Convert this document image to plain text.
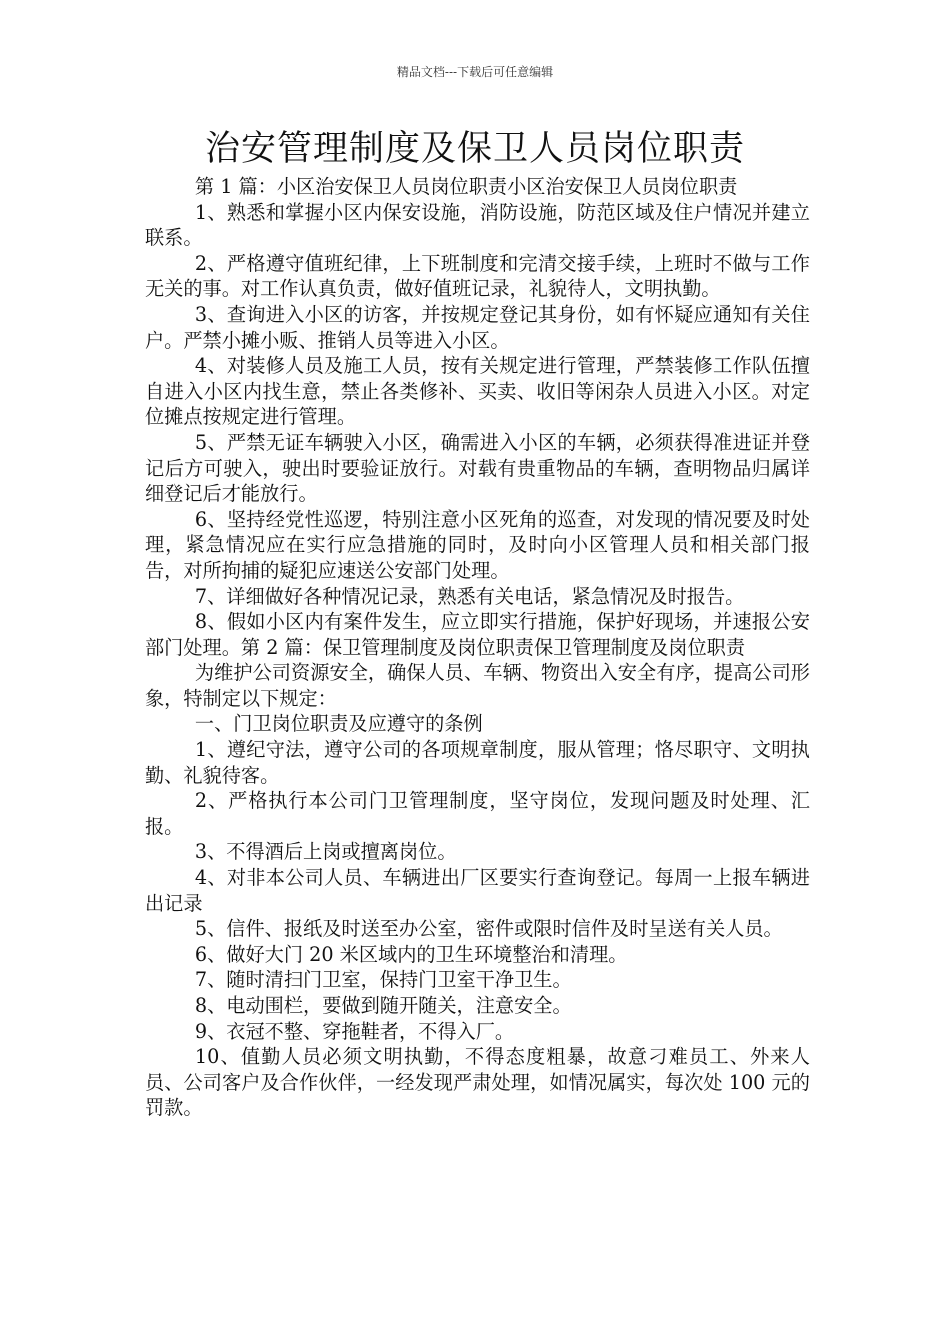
精品文档---下载后可任意编辑
治安管理制度及保卫人员岗位职责

第 1 篇：小区治安保卫人员岗位职责小区治安保卫人员岗位职责

1、熟悉和掌握小区内保安设施，消防设施，防范区域及住户情况并建立联系。

2、严格遵守值班纪律，上下班制度和完清交接手续，上班时不做与工作无关的事。对工作认真负责，做好值班记录，礼貌待人，文明执勤。

3、查询进入小区的访客，并按规定登记其身份，如有怀疑应通知有关住户。严禁小摊小贩、推销人员等进入小区。

4、对装修人员及施工人员，按有关规定进行管理，严禁装修工作队伍擅自进入小区内找生意，禁止各类修补、买卖、收旧等闲杂人员进入小区。对定位摊点按规定进行管理。

5、严禁无证车辆驶入小区，确需进入小区的车辆，必须获得准进证并登记后方可驶入，驶出时要验证放行。对载有贵重物品的车辆，查明物品归属详细登记后才能放行。

6、坚持经党性巡逻，特别注意小区死角的巡查，对发现的情况要及时处理，紧急情况应在实行应急措施的同时，及时向小区管理人员和相关部门报告，对所拘捕的疑犯应速送公安部门处理。

7、详细做好各种情况记录，熟悉有关电话，紧急情况及时报告。

8、假如小区内有案件发生，应立即实行措施，保护好现场，并速报公安部门处理。第 2 篇：保卫管理制度及岗位职责保卫管理制度及岗位职责

为维护公司资源安全，确保人员、车辆、物资出入安全有序，提高公司形象，特制定以下规定：

一、门卫岗位职责及应遵守的条例

1、遵纪守法，遵守公司的各项规章制度，服从管理；恪尽职守、文明执勤、礼貌待客。

2、严格执行本公司门卫管理制度，坚守岗位，发现问题及时处理、汇报。

3、不得酒后上岗或擅离岗位。

4、对非本公司人员、车辆进出厂区要实行查询登记。每周一上报车辆进出记录

5、信件、报纸及时送至办公室，密件或限时信件及时呈送有关人员。

6、做好大门 20 米区域内的卫生环境整治和清理。

7、随时清扫门卫室，保持门卫室干净卫生。

8、电动围栏，要做到随开随关，注意安全。

9、衣冠不整、穿拖鞋者，不得入厂。

10、值勤人员必须文明执勤，不得态度粗暴，故意刁难员工、外来人员、公司客户及合作伙伴，一经发现严肃处理，如情况属实，每次处 100 元的罚款。
